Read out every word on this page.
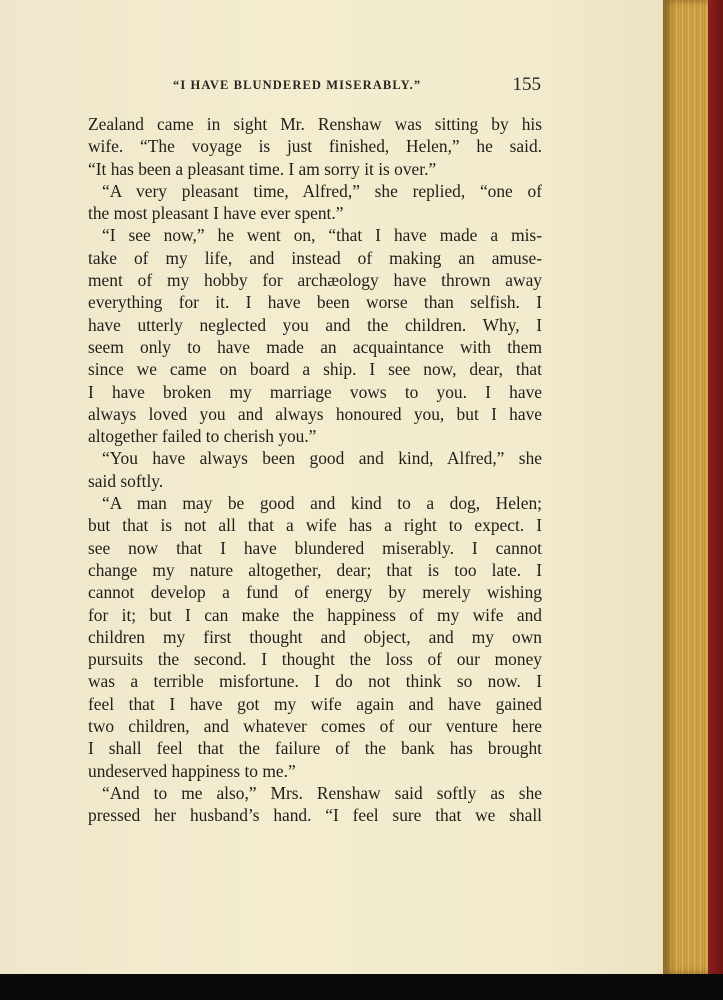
“I HAVE BLUNDERED MISERABLY.”	155
Zealand came in sight Mr. Renshaw was sitting by his
wife. “The voyage is just finished, Helen,” he said.
“It has been a pleasant time. I am sorry it is over.”
“A very pleasant time, Alfred,” she replied, “one of
the most pleasant I have ever spent.”
“I see now,” he went on, “that I have made a mis-
take of my life, and instead of making an amuse-
ment of my hobby for archæology have thrown away
everything for it. I have been worse than selfish. I
have utterly neglected you and the children. Why, I
seem only to have made an acquaintance with them
since we came on board a ship. I see now, dear, that
I have broken my marriage vows to you. I have
always loved you and always honoured you, but I have
altogether failed to cherish you.”
“You have always been good and kind, Alfred,” she
said softly.
“A man may be good and kind to a dog, Helen;
but that is not all that a wife has a right to expect. I
see now that I have blundered miserably. I cannot
change my nature altogether, dear; that is too late. I
cannot develop a fund of energy by merely wishing
for it; but I can make the happiness of my wife and
children my first thought and object, and my own
pursuits the second. I thought the loss of our money
was a terrible misfortune. I do not think so now. I
feel that I have got my wife again and have gained
two children, and whatever comes of our venture here
I shall feel that the failure of the bank has brought
undeserved happiness to me.”
“And to me also,” Mrs. Renshaw said softly as she
pressed her husband’s hand. “I feel sure that we shall
